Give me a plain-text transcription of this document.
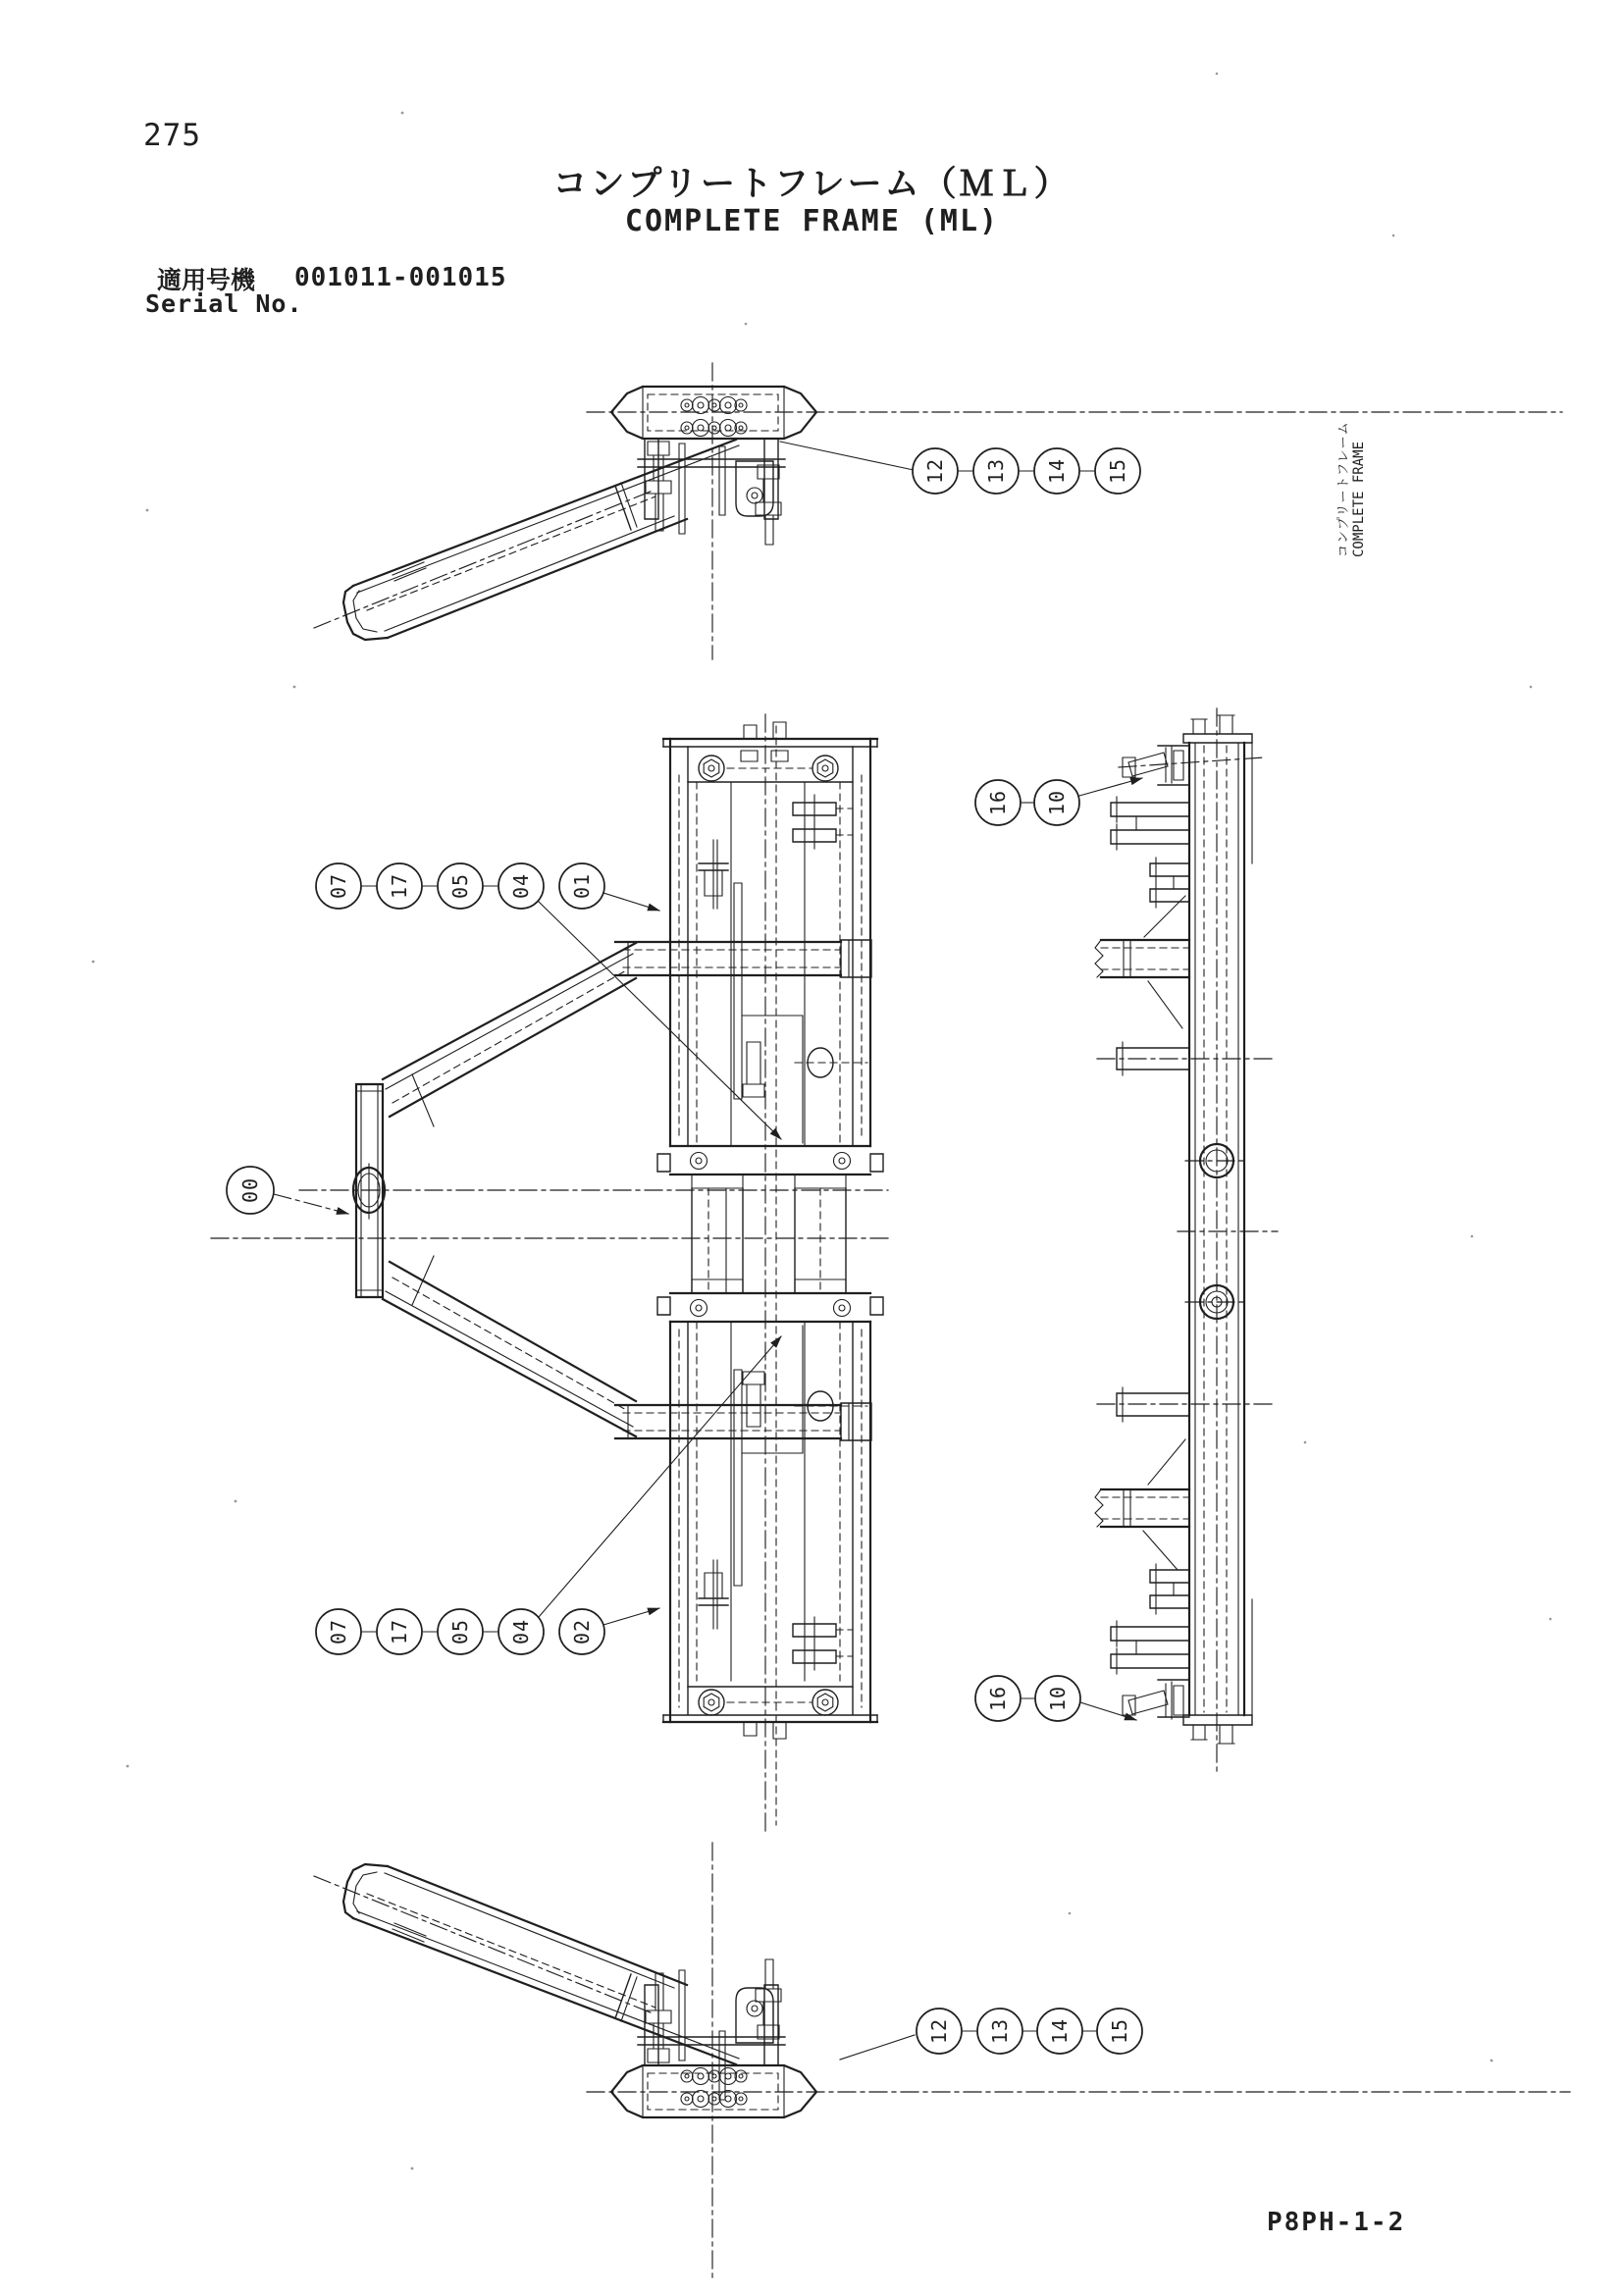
275
コンプリートフレーム（ＭＬ）
COMPLETE FRAME (ML)
適用号機 001011-001015
Serial No.
コンプリートフレーム COMPLETE FRAME
P8PH-1-2
12 13 14 15
07 17 05 04 01
07 17 05 04 02
16 10
16 10
12 13 14 15
00
